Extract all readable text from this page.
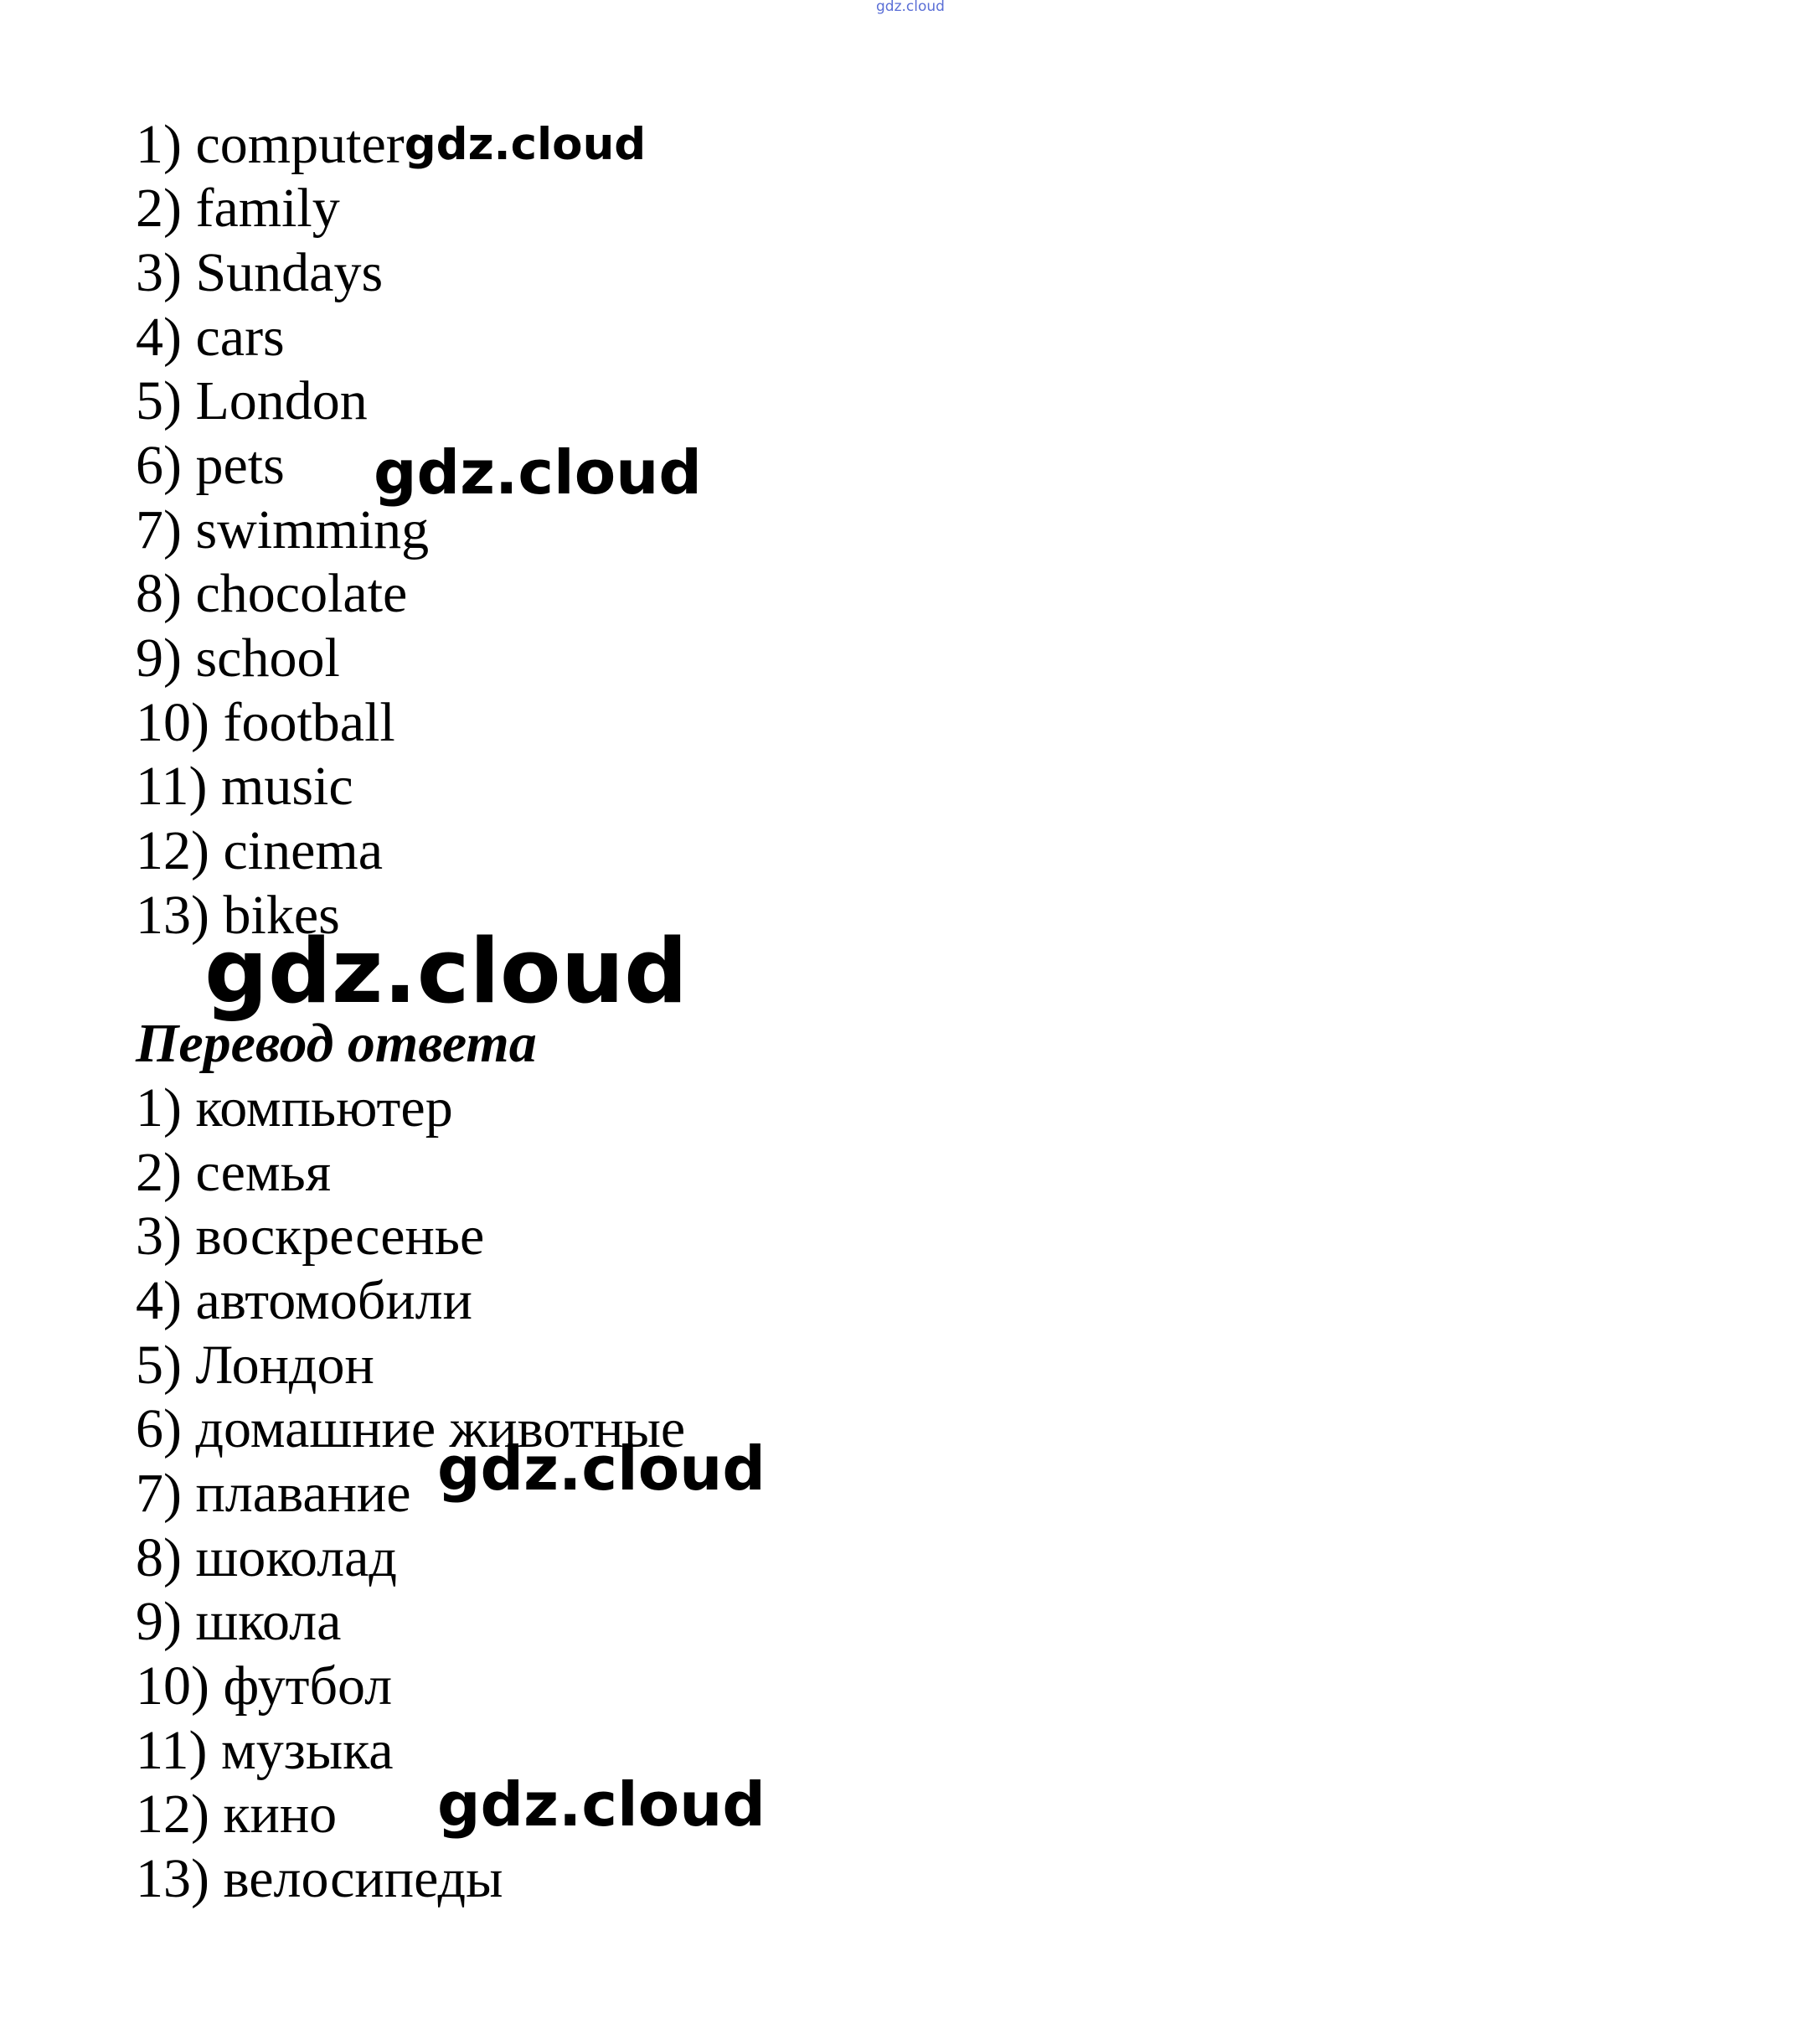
gdz.cloud
1) computergdz.cloud
2) family
3) Sundays
4) cars
5) London
6) pets
7) swimming
8) chocolate
9) school
10) football
11) music
12) cinema
13) bikes
gdz.cloud
gdz.cloud
Перевод ответа
1) компьютер
2) семья
3) воскресенье
4) автомобили
5) Лондон
6) домашние животные
7) плавание
8) шоколад
9) школа
10) футбол
11) музыка
12) кино
13) велосипеды
gdz.cloud
gdz.cloud
